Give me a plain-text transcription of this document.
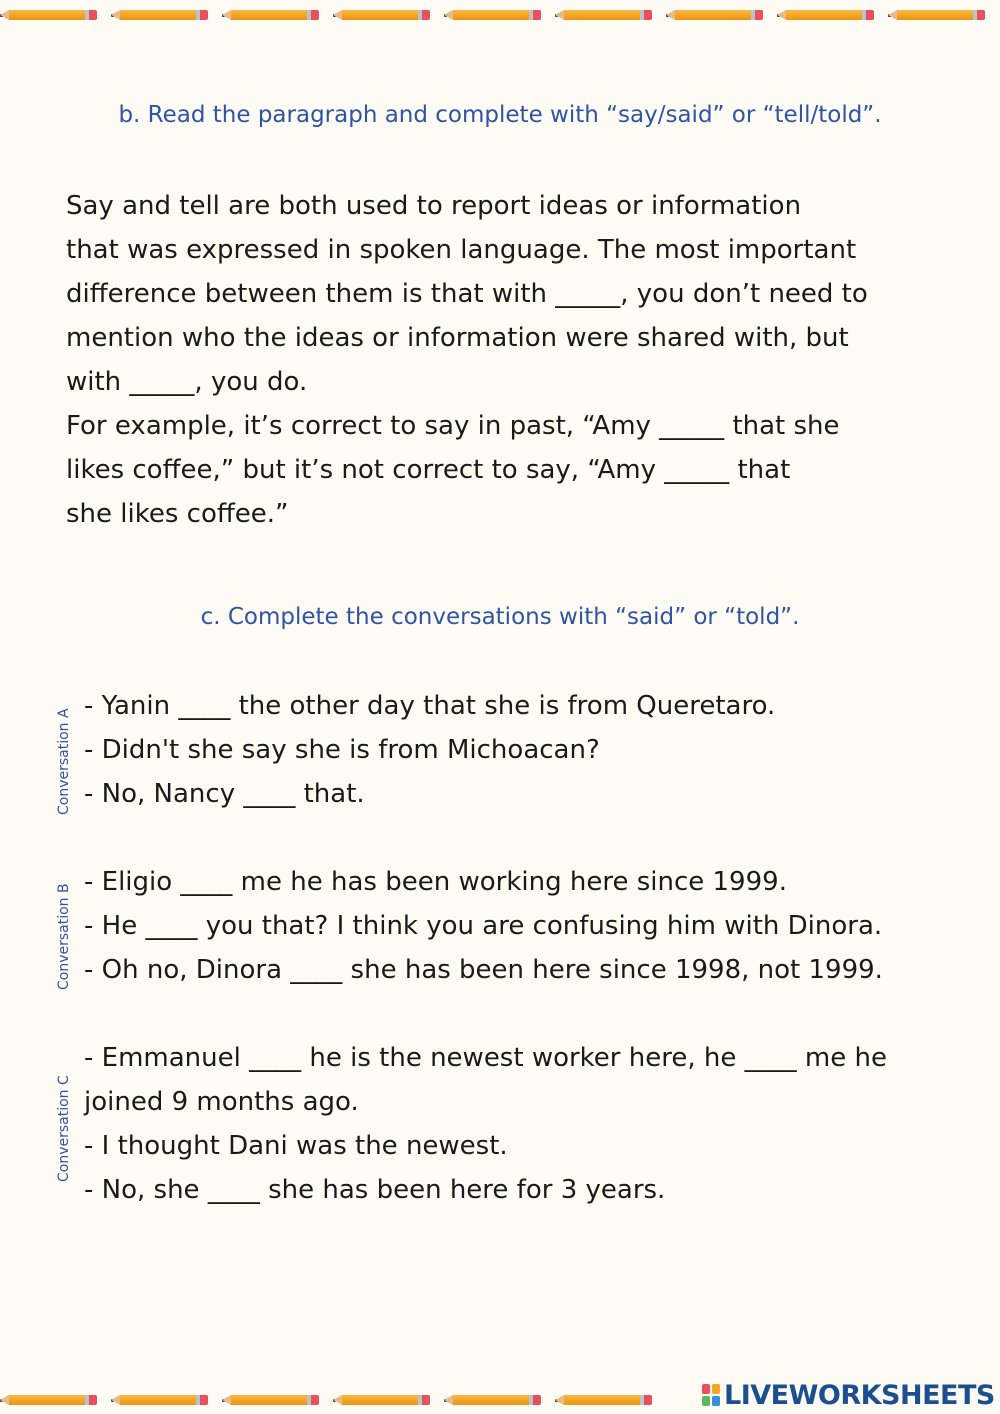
b. Read the paragraph and complete with “say/said” or “tell/told”.

Say and tell are both used to report ideas or information

that was expressed in spoken language. The most important

difference between them is that with _____, you don’t need to

mention who the ideas or information were shared with, but

with _____, you do.

For example, it’s correct to say in past, “Amy _____ that she

likes coffee,” but it’s not correct to say, “Amy _____ that

she likes coffee.”

c. Complete the conversations with “said” or “told”.
Conversation A

- Yanin ____ the other day that she is from Queretaro.

- Didn't she say she is from Michoacan?

- No, Nancy ____ that.

Conversation B

- Eligio ____ me he has been working here since 1999.

- He ____ you that? I think you are confusing him with Dinora.

- Oh no, Dinora ____ she has been here since 1998, not 1999.

Conversation C

- Emmanuel ____ he is the newest worker here, he ____ me he

joined 9 months ago.

- I thought Dani was the newest.

- No, she ____ she has been here for 3 years.

LIVEWORKSHEETS
